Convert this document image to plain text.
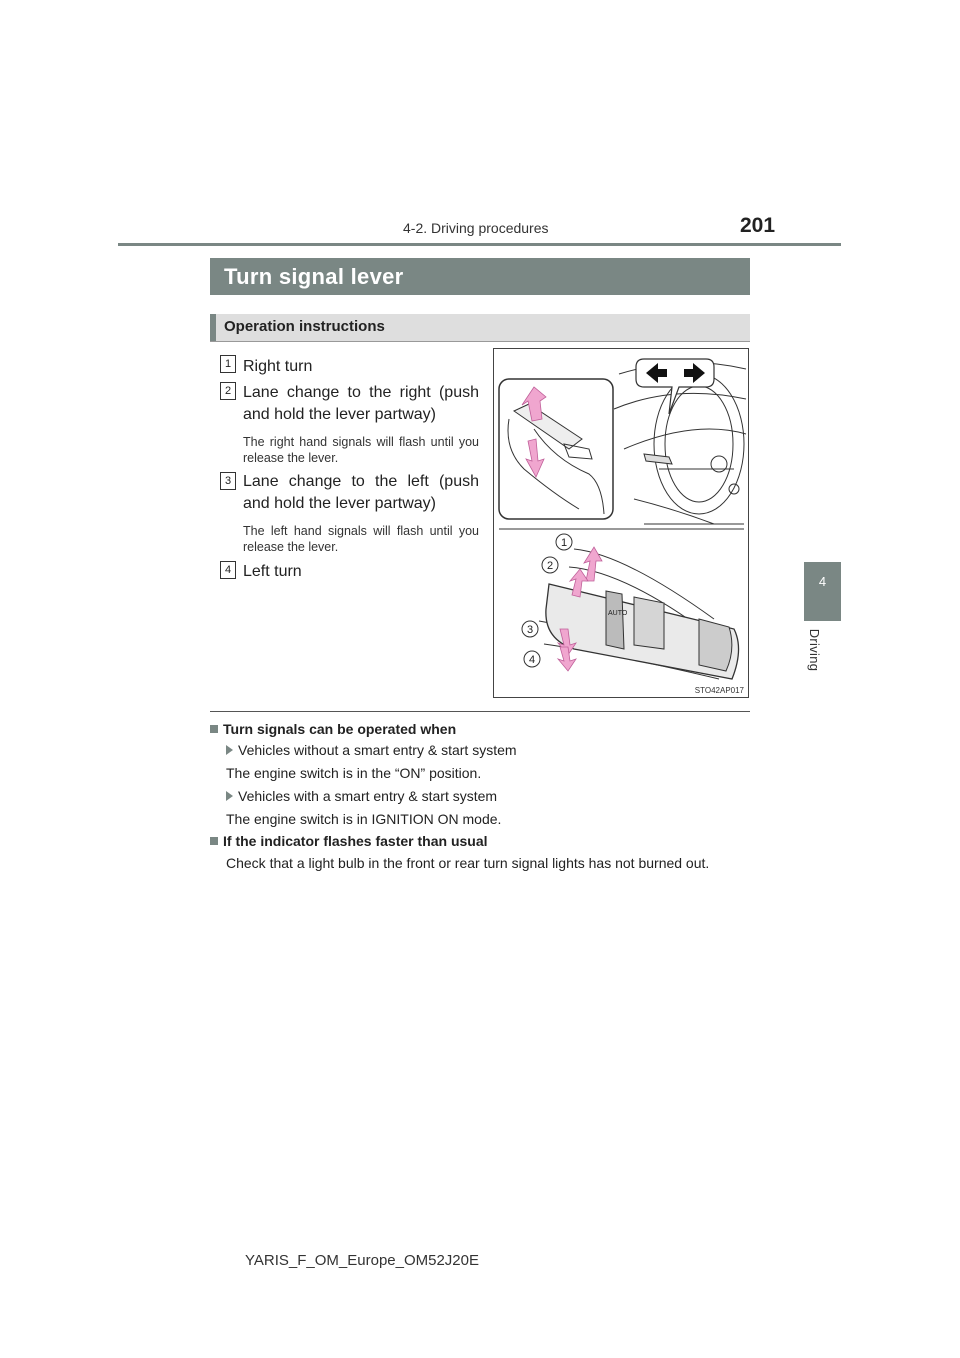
4-2. Driving procedures	201
4
Driving
Turn signal lever
Operation instructions
1 Right turn
2 Lane change to the right (push and hold the lever partway)
The right hand signals will flash until you release the lever.
3 Lane change to the left (push and hold the lever partway)
The left hand signals will flash until you release the lever.
4 Left turn
AUTO
1
2
3
4
STO42AP017
Turn signals can be operated when
Vehicles without a smart entry & start system
The engine switch is in the “ON” position.
Vehicles with a smart entry & start system
The engine switch is in IGNITION ON mode.
If the indicator flashes faster than usual
Check that a light bulb in the front or rear turn signal lights has not burned out.
YARIS_F_OM_Europe_OM52J20E
